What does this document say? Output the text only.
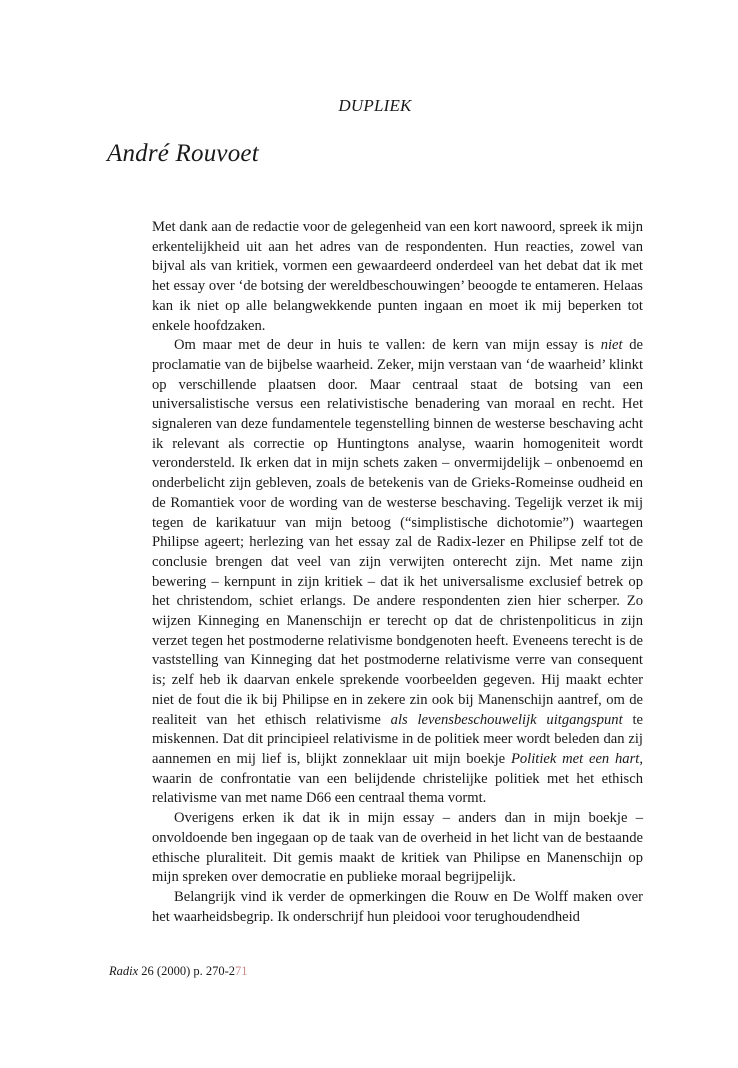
DUPLIEK
André Rouvoet

Met dank aan de redactie voor de gelegenheid van een kort nawoord, spreek ik mijn erkentelijkheid uit aan het adres van de respondenten. Hun reacties, zowel van bijval als van kritiek, vormen een gewaardeerd onderdeel van het debat dat ik met het essay over ‘de botsing der wereldbeschouwingen’ beoogde te entameren. Helaas kan ik niet op alle belangwekkende punten ingaan en moet ik mij beperken tot enkele hoofdzaken.

Om maar met de deur in huis te vallen: de kern van mijn essay is niet de proclamatie van de bijbelse waarheid. Zeker, mijn verstaan van ‘de waarheid’ klinkt op verschillende plaatsen door. Maar centraal staat de botsing van een universalistische versus een relativistische benadering van moraal en recht. Het signaleren van deze fundamentele tegenstelling binnen de westerse beschaving acht ik relevant als correctie op Huntingtons analyse, waarin homogeniteit wordt verondersteld. Ik erken dat in mijn schets zaken – onvermijdelijk – onbenoemd en onderbelicht zijn gebleven, zoals de betekenis van de Grieks-Romeinse oudheid en de Romantiek voor de wording van de westerse beschaving. Tegelijk verzet ik mij tegen de karikatuur van mijn betoog (“simplistische dichotomie”) waartegen Philipse ageert; herlezing van het essay zal de Radix-lezer en Philipse zelf tot de conclusie brengen dat veel van zijn verwijten onterecht zijn. Met name zijn bewering – kernpunt in zijn kritiek – dat ik het universalisme exclusief betrek op het christendom, schiet erlangs. De andere respondenten zien hier scherper. Zo wijzen Kinneging en Manenschijn er terecht op dat de christenpoliticus in zijn verzet tegen het postmoderne relativisme bondgenoten heeft. Eveneens terecht is de vaststelling van Kinneging dat het postmoderne relativisme verre van consequent is; zelf heb ik daarvan enkele sprekende voorbeelden gegeven. Hij maakt echter niet de fout die ik bij Philipse en in zekere zin ook bij Manenschijn aantref, om de realiteit van het ethisch relativisme als levensbeschouwelijk uitgangspunt te miskennen. Dat dit principieel relativisme in de politiek meer wordt beleden dan zij aannemen en mij lief is, blijkt zonneklaar uit mijn boekje Politiek met een hart, waarin de confrontatie van een belijdende christelijke politiek met het ethisch relativisme van met name D66 een centraal thema vormt.

Overigens erken ik dat ik in mijn essay – anders dan in mijn boekje – onvoldoende ben ingegaan op de taak van de overheid in het licht van de bestaande ethische pluraliteit. Dit gemis maakt de kritiek van Philipse en Manenschijn op mijn spreken over democratie en publieke moraal begrijpelijk.

Belangrijk vind ik verder de opmerkingen die Rouw en De Wolff maken over het waarheidsbegrip. Ik onderschrijf hun pleidooi voor terughoudendheid

Radix 26 (2000) p. 270-271
